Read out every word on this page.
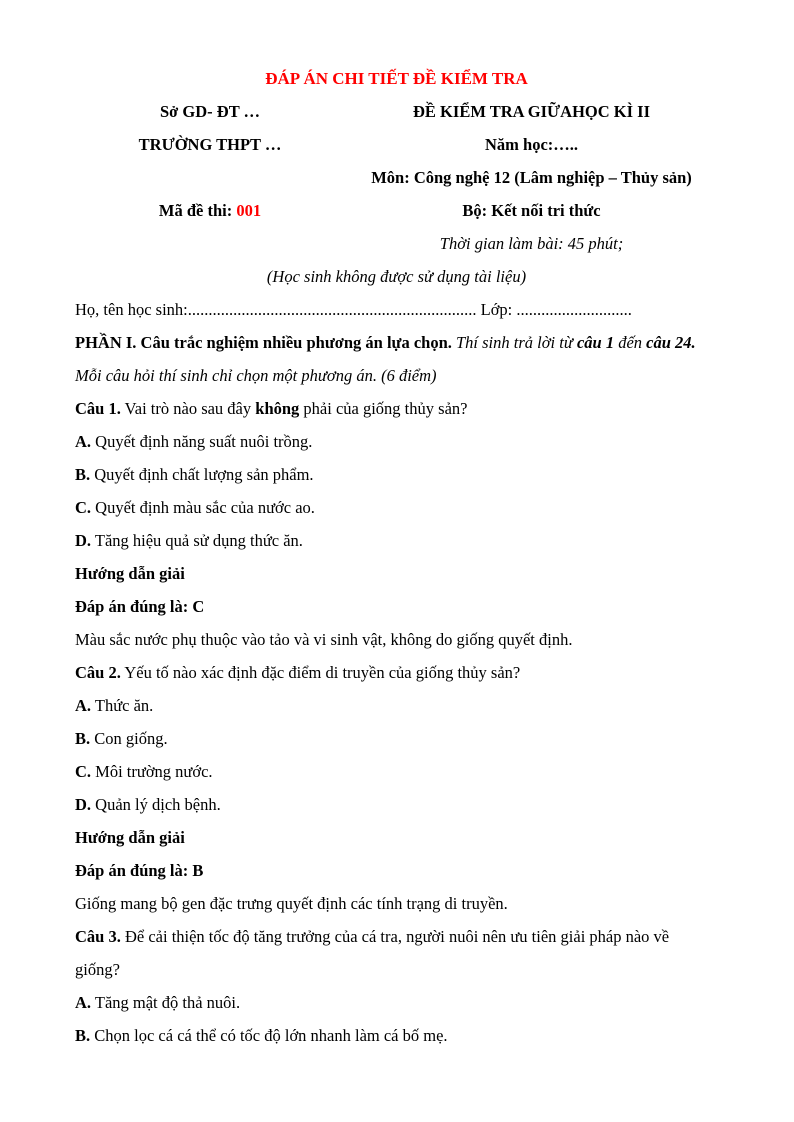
ĐÁP ÁN CHI TIẾT ĐỀ KIỂM TRA
Sở GD- ĐT …	ĐỀ KIỂM TRA GIỮAHỌC KÌ II
TRƯỜNG THPT …	Năm học:…..
Môn: Công nghệ 12 (Lâm nghiệp – Thủy sản)
Mã đề thi: 001	Bộ: Kết nối tri thức
Thời gian làm bài: 45 phút;

(Học sinh không được sử dụng tài liệu)

Họ, tên học sinh:...................................................................... Lớp: ............................

PHẦN I. Câu trắc nghiệm nhiều phương án lựa chọn. Thí sinh trả lời từ câu 1 đến câu 24. Mỗi câu hỏi thí sinh chỉ chọn một phương án. (6 điểm)

Câu 1. Vai trò nào sau đây không phải của giống thủy sản?

A. Quyết định năng suất nuôi trồng.

B. Quyết định chất lượng sản phẩm.

C. Quyết định màu sắc của nước ao.

D. Tăng hiệu quả sử dụng thức ăn.

Hướng dẫn giải

Đáp án đúng là: C

Màu sắc nước phụ thuộc vào tảo và vi sinh vật, không do giống quyết định.

Câu 2. Yếu tố nào xác định đặc điểm di truyền của giống thủy sản?

A. Thức ăn.

B. Con giống.

C. Môi trường nước.

D. Quản lý dịch bệnh.

Hướng dẫn giải

Đáp án đúng là: B

Giống mang bộ gen đặc trưng quyết định các tính trạng di truyền.

Câu 3. Để cải thiện tốc độ tăng trưởng của cá tra, người nuôi nên ưu tiên giải pháp nào về giống?

A. Tăng mật độ thả nuôi.

B. Chọn lọc cá cá thể có tốc độ lớn nhanh làm cá bố mẹ.
